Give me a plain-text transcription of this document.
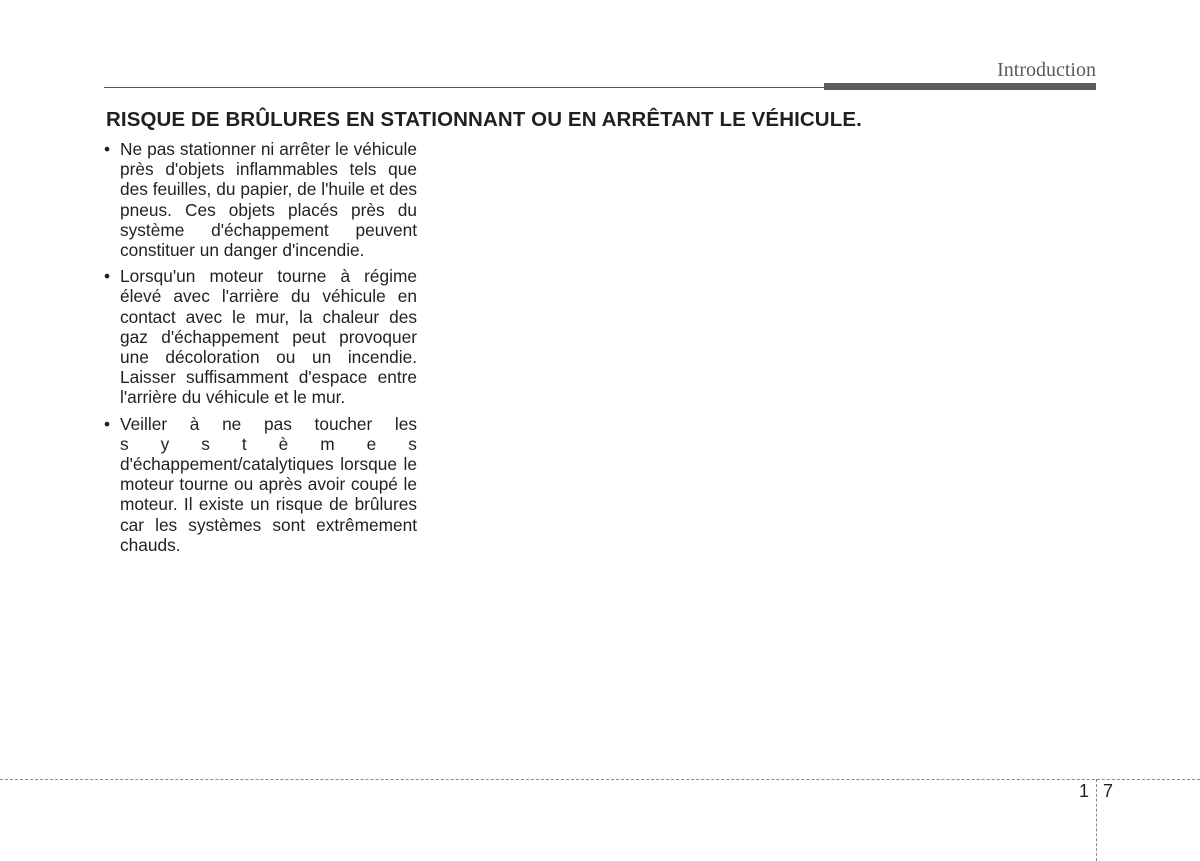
Introduction
RISQUE DE BRÛLURES EN STATIONNANT OU EN ARRÊTANT LE VÉHICULE.
• Ne pas stationner ni arrêter le véhicule près d'objets inflammables tels que des feuilles, du papier, de l'huile et des pneus. Ces objets placés près du système d'échappement peuvent constituer un danger d'incendie.
• Lorsqu'un moteur tourne à régime élevé avec l'arrière du véhicule en contact avec le mur, la chaleur des gaz d'échappement peut provoquer une décoloration ou un incendie. Laisser suffisamment d'espace entre l'arrière du véhicule et le mur.
• Veiller à ne pas toucher les
s y s t è m e s
d'échappement/catalytiques lorsque le moteur tourne ou après avoir coupé le moteur. Il existe un risque de brûlures car les systèmes sont extrêmement chauds.
1 7
